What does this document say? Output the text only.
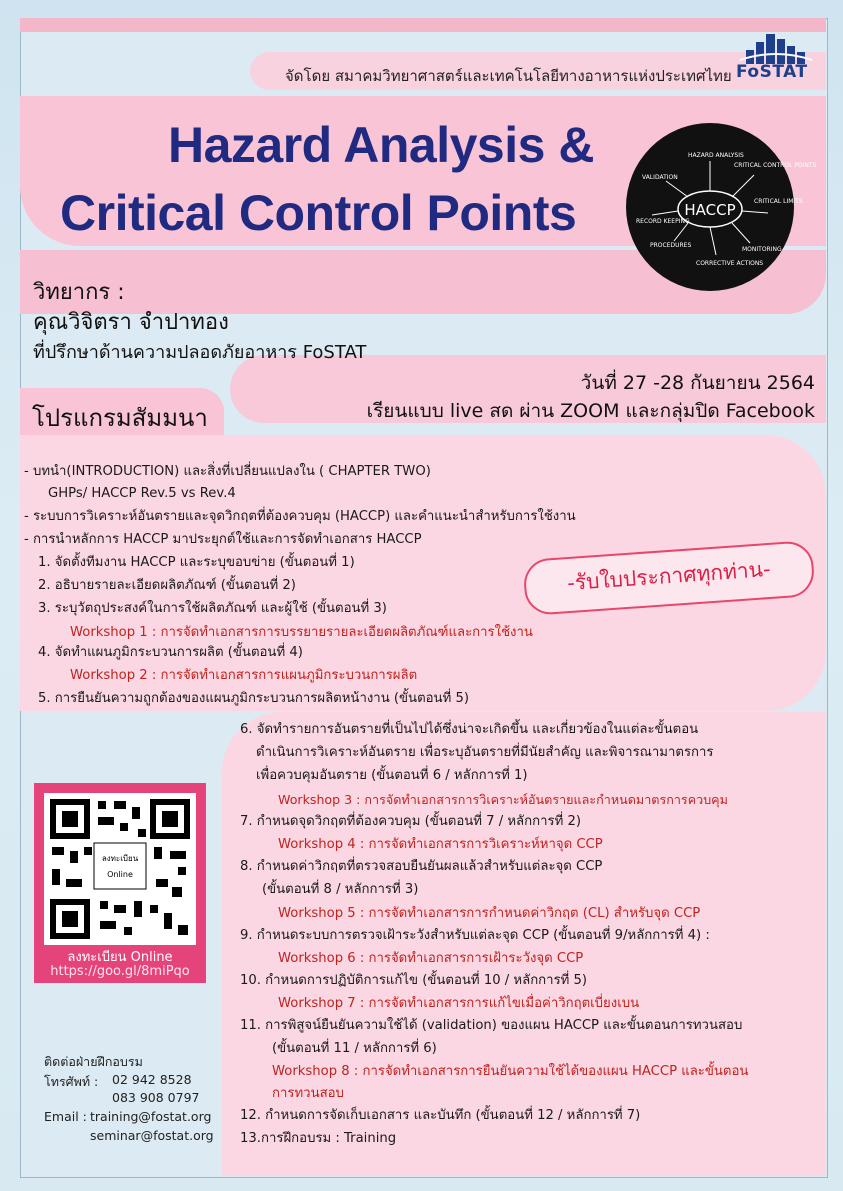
จัดโดย สมาคมวิทยาศาสตร์และเทคโนโลยีทางอาหารแห่งประเทศไทย FoSTAT
Hazard Analysis &
Critical Control Points	HACCP
HAZARD ANALYSIS
CRITICAL CONTROL POINTS
CRITICAL LIMITS
MONITORING
CORRECTIVE ACTIONS
PROCEDURES
RECORD KEEPING
VALIDATION
วิทยากร :
คุณวิจิตรา จำปาทอง
ที่ปรึกษาด้านความปลอดภัยอาหาร FoSTAT
วันที่ 27 -28 กันยายน 2564
เรียนแบบ live สด ผ่าน ZOOM และกลุ่มปิด Facebook
โปรแกรมสัมมนา
- บทนำ(INTRODUCTION) และสิ่งที่เปลี่ยนแปลงใน ( CHAPTER TWO)
GHPs/ HACCP Rev.5 vs Rev.4
- ระบบการวิเคราะห์อันตรายและจุดวิกฤตที่ต้องควบคุม (HACCP) และคำแนะนำสำหรับการใช้งาน
- การนำหลักการ HACCP มาประยุกต์ใช้และการจัดทำเอกสาร HACCP
1. จัดตั้งทีมงาน HACCP และระบุขอบข่าย (ขั้นตอนที่ 1)
2. อธิบายรายละเอียดผลิตภัณฑ์ (ขั้นตอนที่ 2)
3. ระบุวัตถุประสงค์ในการใช้ผลิตภัณฑ์ และผู้ใช้ (ขั้นตอนที่ 3)
Workshop 1 : การจัดทำเอกสารการบรรยายรายละเอียดผลิตภัณฑ์และการใช้งาน
4. จัดทำแผนภูมิกระบวนการผลิต (ขั้นตอนที่ 4)
Workshop 2 : การจัดทำเอกสารการแผนภูมิกระบวนการผลิต
5. การยืนยันความถูกต้องของแผนภูมิกระบวนการผลิตหน้างาน (ขั้นตอนที่ 5)
-รับใบประกาศทุกท่าน-
6. จัดทำรายการอันตรายที่เป็นไปได้ซึ่งน่าจะเกิดขึ้น และเกี่ยวข้องในแต่ละขั้นตอน
ดำเนินการวิเคราะห์อันตราย เพื่อระบุอันตรายที่มีนัยสำคัญ และพิจารณามาตรการ
เพื่อควบคุมอันตราย (ขั้นตอนที่ 6 / หลักการที่ 1)
Workshop 3 : การจัดทำเอกสารการวิเคราะห์อันตรายและกำหนดมาตรการควบคุม
7. กำหนดจุดวิกฤตที่ต้องควบคุม (ขั้นตอนที่ 7 / หลักการที่ 2)
Workshop 4 : การจัดทำเอกสารการวิเคราะห์หาจุด CCP
8. กำหนดค่าวิกฤตที่ตรวจสอบยืนยันผลแล้วสำหรับแต่ละจุด CCP
(ขั้นตอนที่ 8 / หลักการที่ 3)
Workshop 5 : การจัดทำเอกสารการกำหนดค่าวิกฤต (CL) สำหรับจุด CCP
9. กำหนดระบบการตรวจเฝ้าระวังสำหรับแต่ละจุด CCP (ขั้นตอนที่ 9/หลักการที่ 4) :
Workshop 6 : การจัดทำเอกสารการเฝ้าระวังจุด CCP
10. กำหนดการปฏิบัติการแก้ไข (ขั้นตอนที่ 10 / หลักการที่ 5)
Workshop 7 : การจัดทำเอกสารการแก้ไขเมื่อค่าวิกฤตเบี่ยงเบน
11. การพิสูจน์ยืนยันความใช้ได้ (validation) ของแผน HACCP และขั้นตอนการทวนสอบ
(ขั้นตอนที่ 11 / หลักการที่ 6)
Workshop 8 : การจัดทำเอกสารการยืนยันความใช้ได้ของแผน HACCP และขั้นตอน
การทวนสอบ
12. กำหนดการจัดเก็บเอกสาร และบันทึก (ขั้นตอนที่ 12 / หลักการที่ 7)
13.การฝึกอบรม : Training
ลงทะเบียน
Online
ลงทะเบียน Online
https://goo.gl/8miPqo
ติดต่อฝ่ายฝึกอบรม
โทรศัพท์ : 02 942 8528
083 908 0797
Email : training@fostat.org
seminar@fostat.org
